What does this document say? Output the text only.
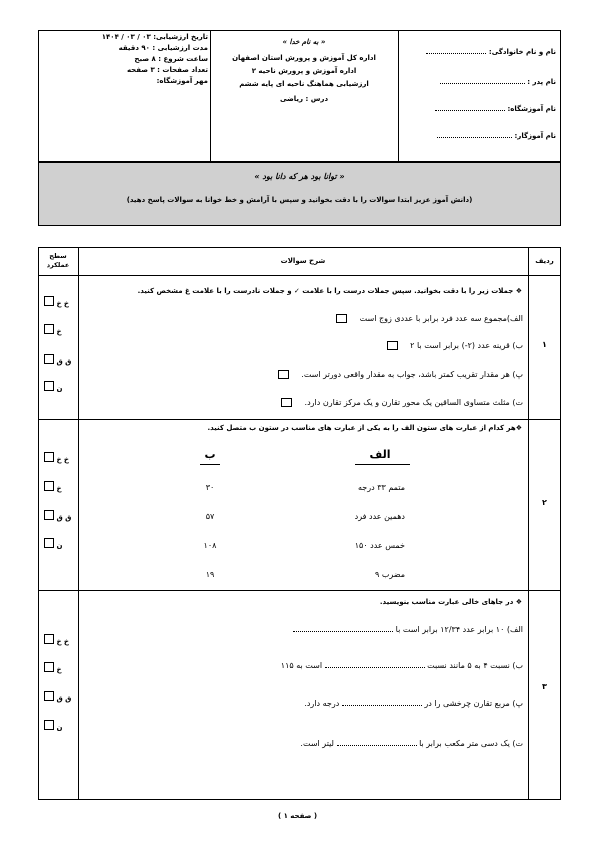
نام و نام خانوادگی:
نام پدر :
نام آموزشگاه:
نام آموزگار:
« به نام خدا »
اداره کل آموزش و پرورش استان اصفهان
اداره آموزش و پرورش ناحیه ۲
ارزشیابی هماهنگ ناحیه ای پایه ششم
درس : ریاضی
تاریخ ارزشیابی: ۰۳ / ۰۳ / ۱۴۰۴
مدت ارزشیابی : ۹۰ دقیقه
ساعت شروع : ۸ صبح
تعداد صفحات : ۳ صفحه
مهر آموزشگاه:
« توانا بود هر که دانا بود »
(دانش آموز عزیز ابتدا سوالات را با دقت بخوانید و سپس با آرامش و خط خوانا به سوالات پاسخ دهید)
ردیف
شرح سوالات
سطح عملکرد
۱
۲
۳
خ خ
خ
ق ق
ن
خ خ
خ
ق ق
ن
خ خ
خ
ق ق
ن
❖ جملات زیر را با دقت بخوانید. سپس جملات درست را با علامت ✓ و جملات نادرست را با علامت غ مشخص کنید.
الف)مجموع سه عدد فرد برابر با عددی زوج است
ب) قرینه عدد (۲-) برابر است با ۲
پ) هر مقدار تقریب کمتر باشد، جواب به مقدار واقعی دورتر است.
ت) مثلث متساوی الساقین یک محور تقارن و یک مرکز تقارن دارد.
❖هر کدام از عبارت های ستون الف را به یکی از عبارت های مناسب در ستون ب متصل کنید.
الف
ب
متمم ۳۳ درجه
دهمین عدد فرد
خمس عدد ۱۵۰
مضرب ۹
۳۰
۵۷
۱۰۸
۱۹
❖ در جاهای خالی عبارت مناسب بنویسید.
الف) ۱۰ برابر عدد ۱۲/۳۴ برابر است با
ب) نسبت ۴ به ۵ مانند نسبت  است به ۱۱۵
پ) مربع تقارن چرخشی را در  درجه دارد.
ت) یک دسی متر مکعب برابر با  لیتر است.
( صفحه ۱ )
